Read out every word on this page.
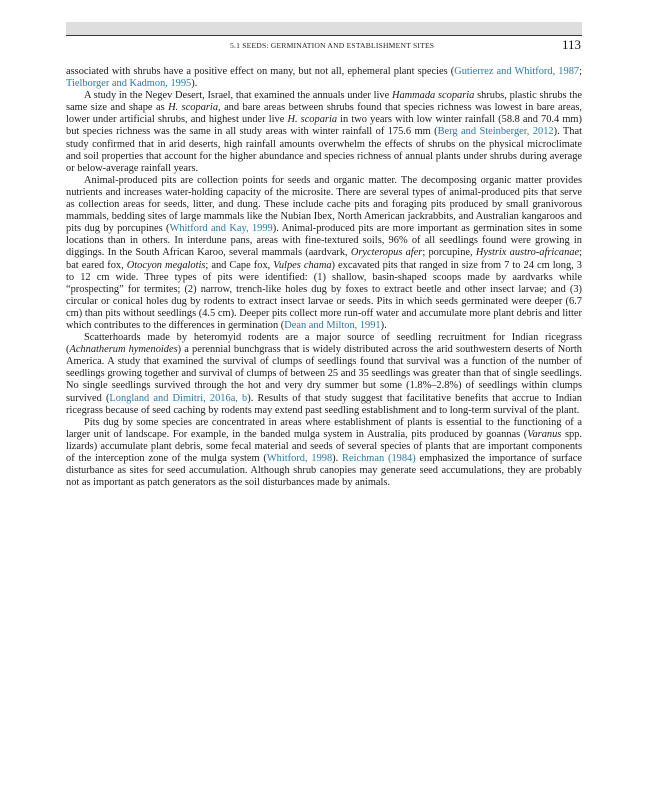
5.1 SEEDS: GERMINATION AND ESTABLISHMENT SITES	113

associated with shrubs have a positive effect on many, but not all, ephemeral plant species (Gutierrez and Whitford, 1987; Tielborger and Kadmon, 1995).

A study in the Negev Desert, Israel, that examined the annuals under live Hammada scoparia shrubs, plastic shrubs the same size and shape as H. scoparia, and bare areas between shrubs found that species richness was lowest in bare areas, lower under artificial shrubs, and highest under live H. scoparia in two years with low winter rainfall (58.8 and 70.4 mm) but species richness was the same in all study areas with winter rainfall of 175.6 mm (Berg and Steinberger, 2012). That study confirmed that in arid deserts, high rainfall amounts overwhelm the effects of shrubs on the physical microclimate and soil properties that account for the higher abundance and species richness of annual plants under shrubs during average or below-average rainfall years.

Animal-produced pits are collection points for seeds and organic matter. The decomposing organic matter provides nutrients and increases water-holding capacity of the microsite. There are several types of animal-produced pits that serve as collection areas for seeds, litter, and dung. These include cache pits and foraging pits produced by small granivorous mammals, bedding sites of large mammals like the Nubian Ibex, North American jackrabbits, and Australian kangaroos and pits dug by porcupines (Whitford and Kay, 1999). Animal-produced pits are more important as germination sites in some locations than in others. In interdune pans, areas with fine-textured soils, 96% of all seedlings found were growing in diggings. In the South African Karoo, several mammals (aardvark, Orycteropus afer; porcupine, Hystrix austro-africanae; bat eared fox, Otocyon megalotis; and Cape fox, Vulpes chama) excavated pits that ranged in size from 7 to 24 cm long, 3 to 12 cm wide. Three types of pits were identified: (1) shallow, basin-shaped scoops made by aardvarks while “prospecting” for termites; (2) narrow, trench-like holes dug by foxes to extract beetle and other insect larvae; and (3) circular or conical holes dug by rodents to extract insect larvae or seeds. Pits in which seeds germinated were deeper (6.7 cm) than pits without seedlings (4.5 cm). Deeper pits collect more run-off water and accumulate more plant debris and litter which contributes to the differences in germination (Dean and Milton, 1991).

Scatterhoards made by heteromyid rodents are a major source of seedling recruitment for Indian ricegrass (Achnatherum hymenoides) a perennial bunchgrass that is widely distributed across the arid southwestern deserts of North America. A study that examined the survival of clumps of seedlings found that survival was a function of the number of seedlings growing together and survival of clumps of between 25 and 35 seedlings was greater than that of single seedlings. No single seedlings survived through the hot and very dry summer but some (1.8%–2.8%) of seedlings within clumps survived (Longland and Dimitri, 2016a, b). Results of that study suggest that facilitative benefits that accrue to Indian ricegrass because of seed caching by rodents may extend past seedling establishment and to long-term survival of the plant.

Pits dug by some species are concentrated in areas where establishment of plants is essential to the functioning of a larger unit of landscape. For example, in the banded mulga system in Australia, pits produced by goannas (Varanus spp. lizards) accumulate plant debris, some fecal material and seeds of several species of plants that are important components of the interception zone of the mulga system (Whitford, 1998). Reichman (1984) emphasized the importance of surface disturbance as sites for seed accumulation. Although shrub canopies may generate seed accumulations, they are probably not as important as patch generators as the soil disturbances made by animals.
